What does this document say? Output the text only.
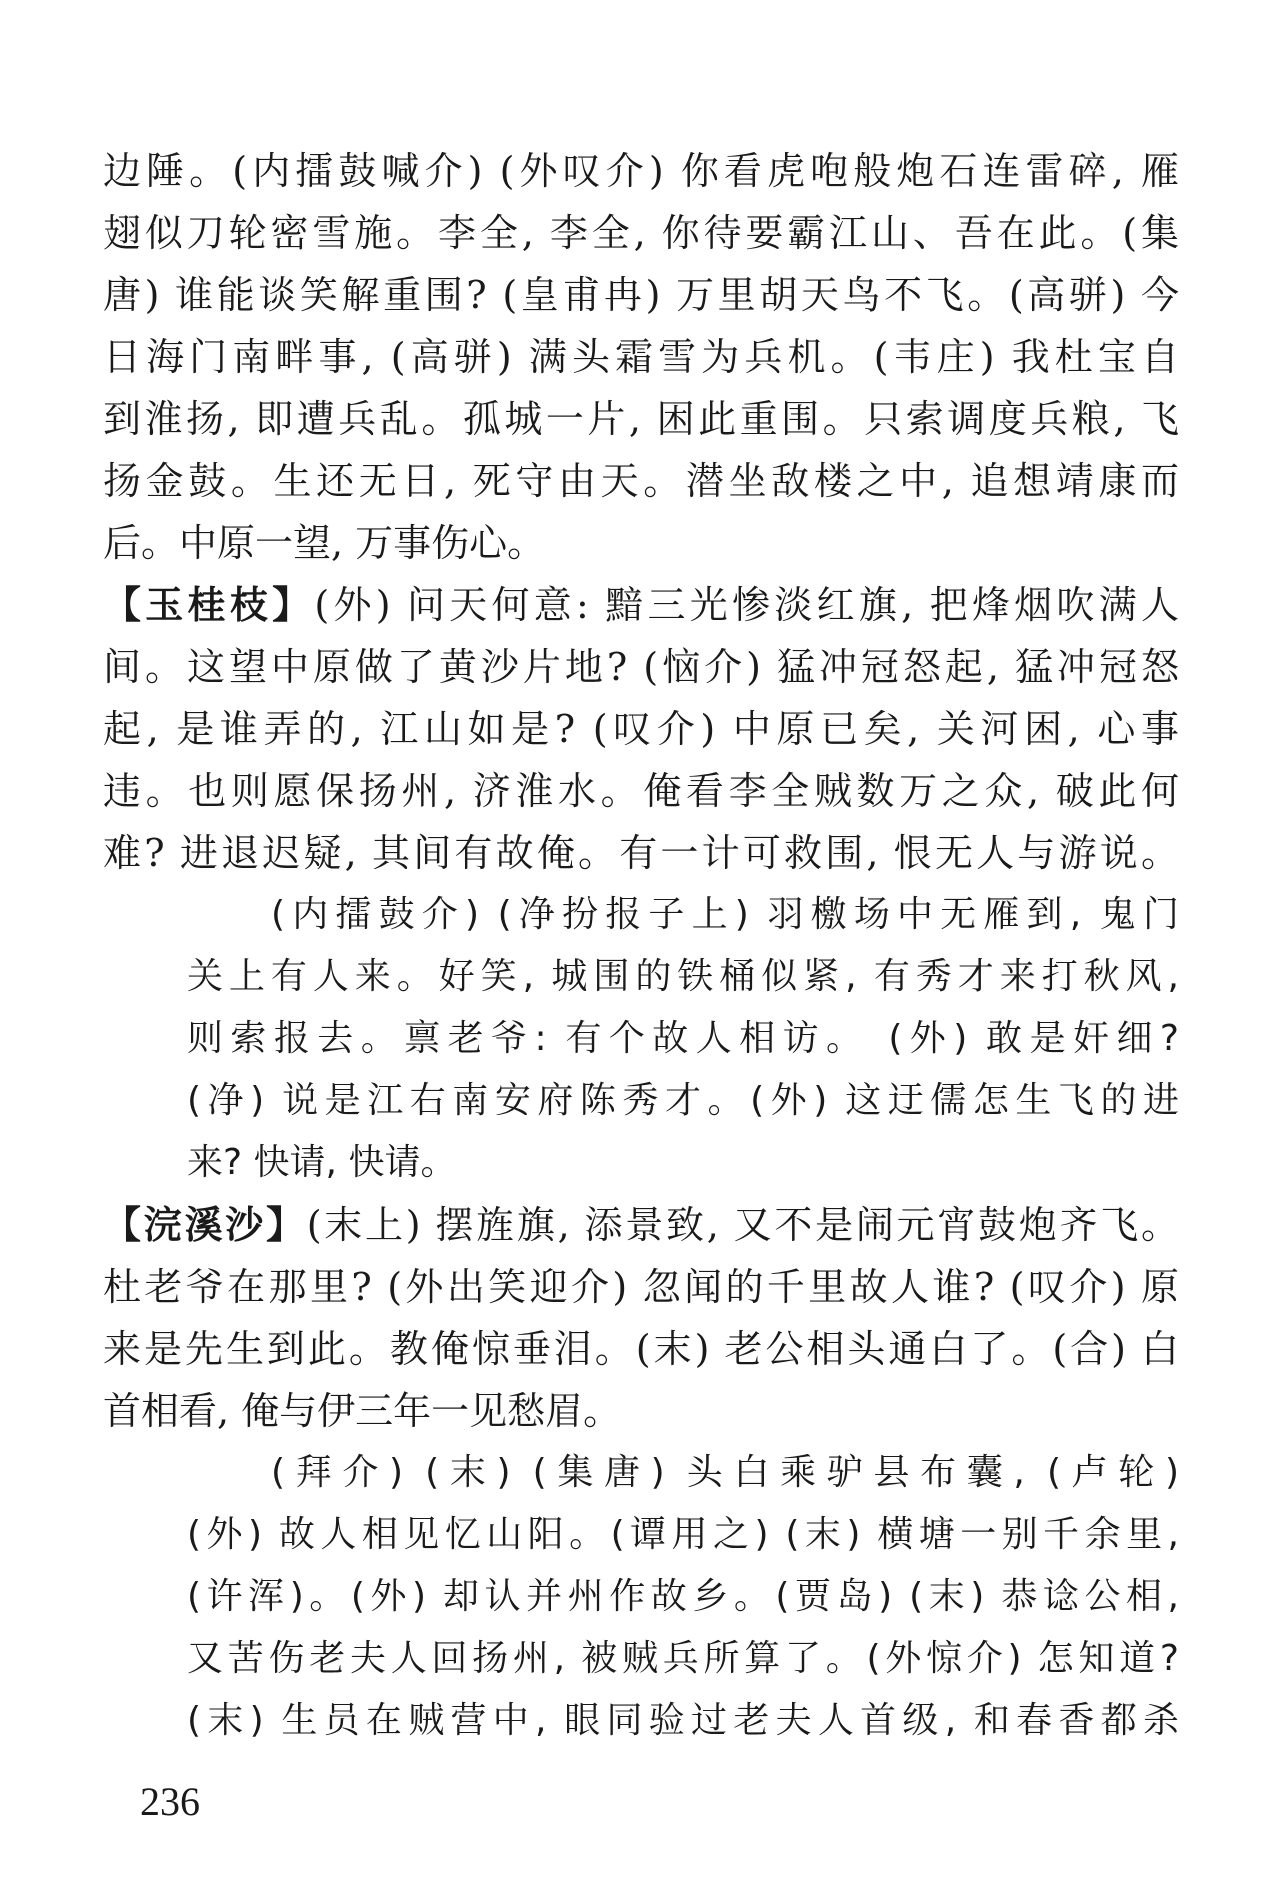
边陲。(内擂鼓喊介) (外叹介) 你看虎咆般炮石连雷碎, 雁
翅似刀轮密雪施。李全, 李全, 你待要霸江山、吾在此。(集
唐) 谁能谈笑解重围? (皇甫冉) 万里胡天鸟不飞。(高骈) 今
日海门南畔事, (高骈) 满头霜雪为兵机。(韦庄) 我杜宝自
到淮扬, 即遭兵乱。孤城一片, 困此重围。只索调度兵粮, 飞
扬金鼓。生还无日, 死守由天。潜坐敌楼之中, 追想靖康而
后。中原一望, 万事伤心。
【玉桂枝】(外) 问天何意: 黯三光惨淡红旗, 把烽烟吹满人
间。这望中原做了黄沙片地? (恼介) 猛冲冠怒起, 猛冲冠怒
起, 是谁弄的, 江山如是? (叹介) 中原已矣, 关河困, 心事
违。也则愿保扬州, 济淮水。俺看李全贼数万之众, 破此何
难? 进退迟疑, 其间有故俺。有一计可救围, 恨无人与游说。
(内擂鼓介) (净扮报子上) 羽檄场中无雁到, 鬼门
关上有人来。好笑, 城围的铁桶似紧, 有秀才来打秋风,
则索报去。禀老爷: 有个故人相访。 (外) 敢是奸细?
(净) 说是江右南安府陈秀才。(外) 这迂儒怎生飞的进
来? 快请, 快请。
【浣溪沙】(末上) 摆旌旗, 添景致, 又不是闹元宵鼓炮齐飞。
杜老爷在那里? (外出笑迎介) 忽闻的千里故人谁? (叹介) 原
来是先生到此。教俺惊垂泪。(末) 老公相头通白了。(合) 白
首相看, 俺与伊三年一见愁眉。
(拜介) (末) (集唐) 头白乘驴县布囊, (卢轮)
(外) 故人相见忆山阳。(谭用之) (末) 横塘一别千余里,
(许浑)。(外) 却认并州作故乡。(贾岛) (末) 恭谂公相,
又苦伤老夫人回扬州, 被贼兵所算了。(外惊介) 怎知道?
(末) 生员在贼营中, 眼同验过老夫人首级, 和春香都杀
236
